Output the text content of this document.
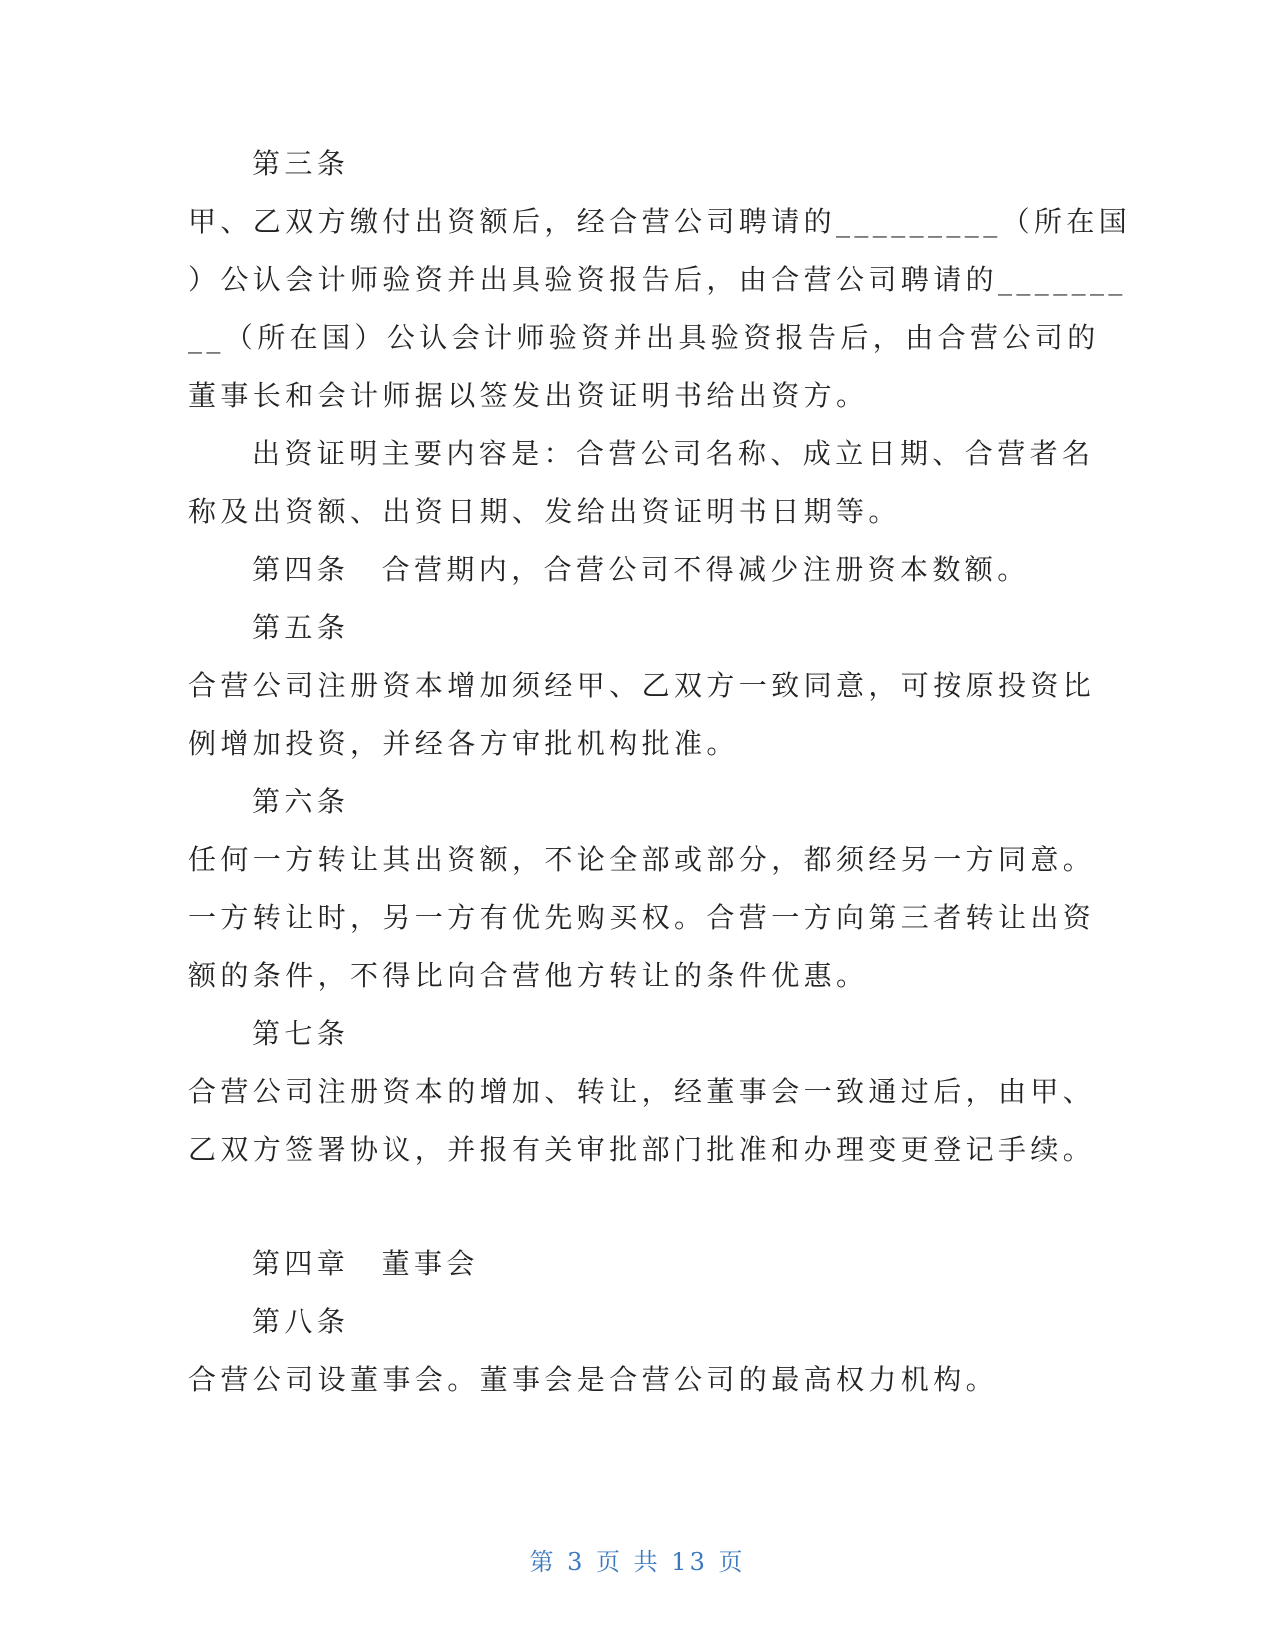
第三条
甲、乙双方缴付出资额后，经合营公司聘请的_________（所在国
）公认会计师验资并出具验资报告后，由合营公司聘请的_______
__（所在国）公认会计师验资并出具验资报告后，由合营公司的
董事长和会计师据以签发出资证明书给出资方。
出资证明主要内容是：合营公司名称、成立日期、合营者名
称及出资额、出资日期、发给出资证明书日期等。
第四条　合营期内，合营公司不得减少注册资本数额。
第五条
合营公司注册资本增加须经甲、乙双方一致同意，可按原投资比
例增加投资，并经各方审批机构批准。
第六条
任何一方转让其出资额，不论全部或部分，都须经另一方同意。
一方转让时，另一方有优先购买权。合营一方向第三者转让出资
额的条件，不得比向合营他方转让的条件优惠。
第七条
合营公司注册资本的增加、转让，经董事会一致通过后，由甲、
乙双方签署协议，并报有关审批部门批准和办理变更登记手续。
第四章　董事会
第八条
合营公司设董事会。董事会是合营公司的最高权力机构。
第 3 页 共 13 页
